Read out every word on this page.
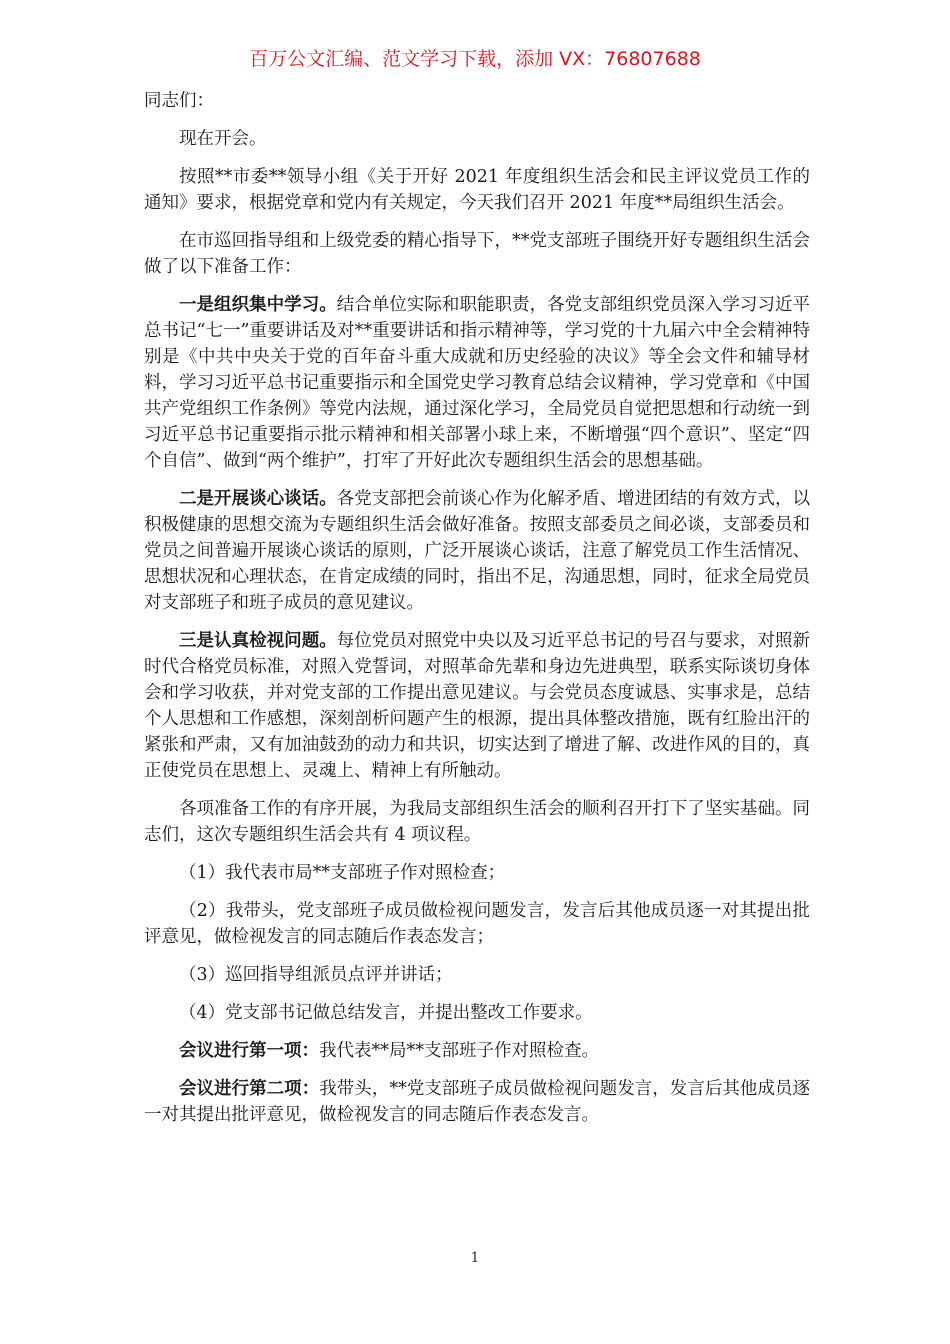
百万公文汇编、范文学习下载，添加 VX：76807688

同志们：

现在开会。

按照**市委**领导小组《关于开好 2021 年度组织生活会和民主评议党员工作的通知》要求，根据党章和党内有关规定，今天我们召开 2021 年度**局组织生活会。

在市巡回指导组和上级党委的精心指导下，**党支部班子围绕开好专题组织生活会做了以下准备工作：

一是组织集中学习。结合单位实际和职能职责，各党支部组织党员深入学习习近平总书记“七一”重要讲话及对**重要讲话和指示精神等，学习党的十九届六中全会精神特别是《中共中央关于党的百年奋斗重大成就和历史经验的决议》等全会文件和辅导材料，学习习近平总书记重要指示和全国党史学习教育总结会议精神，学习党章和《中国共产党组织工作条例》等党内法规，通过深化学习，全局党员自觉把思想和行动统一到习近平总书记重要指示批示精神和相关部署小球上来，不断增强“四个意识”、坚定“四个自信”、做到“两个维护”，打牢了开好此次专题组织生活会的思想基础。

二是开展谈心谈话。各党支部把会前谈心作为化解矛盾、增进团结的有效方式，以积极健康的思想交流为专题组织生活会做好准备。按照支部委员之间必谈，支部委员和党员之间普遍开展谈心谈话的原则，广泛开展谈心谈话，注意了解党员工作生活情况、思想状况和心理状态，在肯定成绩的同时，指出不足，沟通思想，同时，征求全局党员对支部班子和班子成员的意见建议。

三是认真检视问题。每位党员对照党中央以及习近平总书记的号召与要求，对照新时代合格党员标准，对照入党誓词，对照革命先辈和身边先进典型，联系实际谈切身体会和学习收获，并对党支部的工作提出意见建议。与会党员态度诚恳、实事求是，总结个人思想和工作感想，深刻剖析问题产生的根源，提出具体整改措施，既有红脸出汗的紧张和严肃，又有加油鼓劲的动力和共识，切实达到了增进了解、改进作风的目的，真正使党员在思想上、灵魂上、精神上有所触动。

各项准备工作的有序开展，为我局支部组织生活会的顺利召开打下了坚实基础。同志们，这次专题组织生活会共有 4 项议程。

（1）我代表市局**支部班子作对照检查；

（2）我带头，党支部班子成员做检视问题发言，发言后其他成员逐一对其提出批评意见，做检视发言的同志随后作表态发言；

（3）巡回指导组派员点评并讲话；

（4）党支部书记做总结发言，并提出整改工作要求。

会议进行第一项：我代表**局**支部班子作对照检查。

会议进行第二项：我带头，**党支部班子成员做检视问题发言，发言后其他成员逐一对其提出批评意见，做检视发言的同志随后作表态发言。

1
